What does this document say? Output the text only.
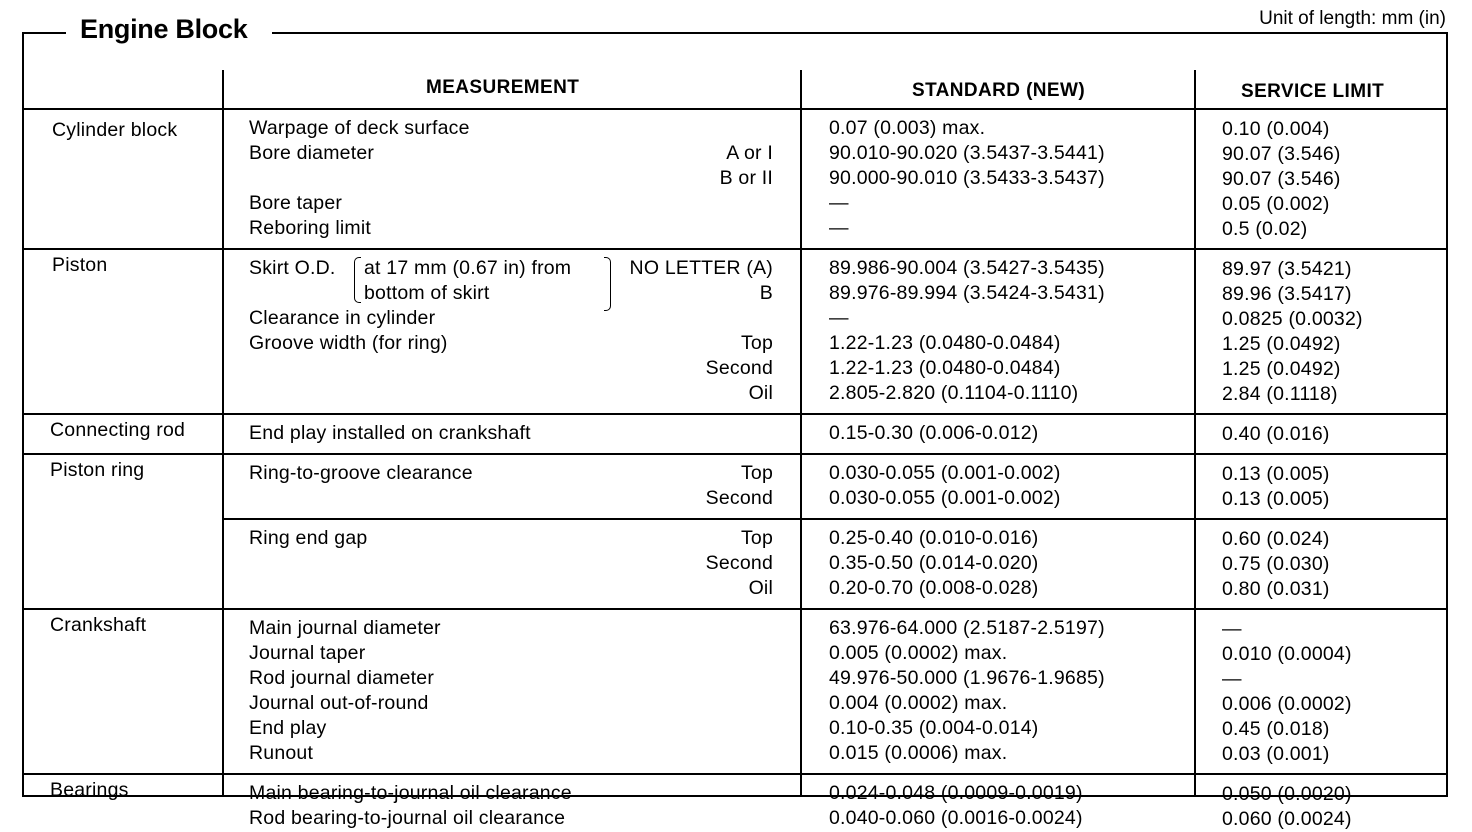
Engine Block	Unit of length: mm (in)
MEASUREMENT	STANDARD (NEW)	SERVICE LIMIT
Cylinder block	Warpage of deck surface	0.07 (0.003) max.	0.10 (0.004)
Bore diameter	A or I	90.010-90.020 (3.5437-3.5441)	90.07 (3.546)
B or II	90.000-90.010 (3.5433-3.5437)	90.07 (3.546)
Bore taper	—	0.05 (0.002)
Reboring limit	—	0.5 (0.02)
Piston	Skirt O.D. at 17 mm (0.67 in) from	NO LETTER (A)	89.986-90.004 (3.5427-3.5435)	89.97 (3.5421)
bottom of skirt	B	89.976-89.994 (3.5424-3.5431)	89.96 (3.5417)
Clearance in cylinder	—	0.0825 (0.0032)
Groove width (for ring)	Top	1.22-1.23 (0.0480-0.0484)	1.25 (0.0492)
Second	1.22-1.23 (0.0480-0.0484)	1.25 (0.0492)
Oil	2.805-2.820 (0.1104-0.1110)	2.84 (0.1118)
Connecting rod	End play installed on crankshaft	0.15-0.30 (0.006-0.012)	0.40 (0.016)
Piston ring	Ring-to-groove clearance	Top	0.030-0.055 (0.001-0.002)	0.13 (0.005)
Second	0.030-0.055 (0.001-0.002)	0.13 (0.005)
Ring end gap	Top	0.25-0.40 (0.010-0.016)	0.60 (0.024)
Second	0.35-0.50 (0.014-0.020)	0.75 (0.030)
Oil	0.20-0.70 (0.008-0.028)	0.80 (0.031)
Crankshaft	Main journal diameter	63.976-64.000 (2.5187-2.5197)	—
Journal taper	0.005 (0.0002) max.	0.010 (0.0004)
Rod journal diameter	49.976-50.000 (1.9676-1.9685)	—
Journal out-of-round	0.004 (0.0002) max.	0.006 (0.0002)
End play	0.10-0.35 (0.004-0.014)	0.45 (0.018)
Runout	0.015 (0.0006) max.	0.03 (0.001)
Bearings	Main bearing-to-journal oil clearance	0.024-0.048 (0.0009-0.0019)	0.050 (0.0020)
Rod bearing-to-journal oil clearance	0.040-0.060 (0.0016-0.0024)	0.060 (0.0024)
